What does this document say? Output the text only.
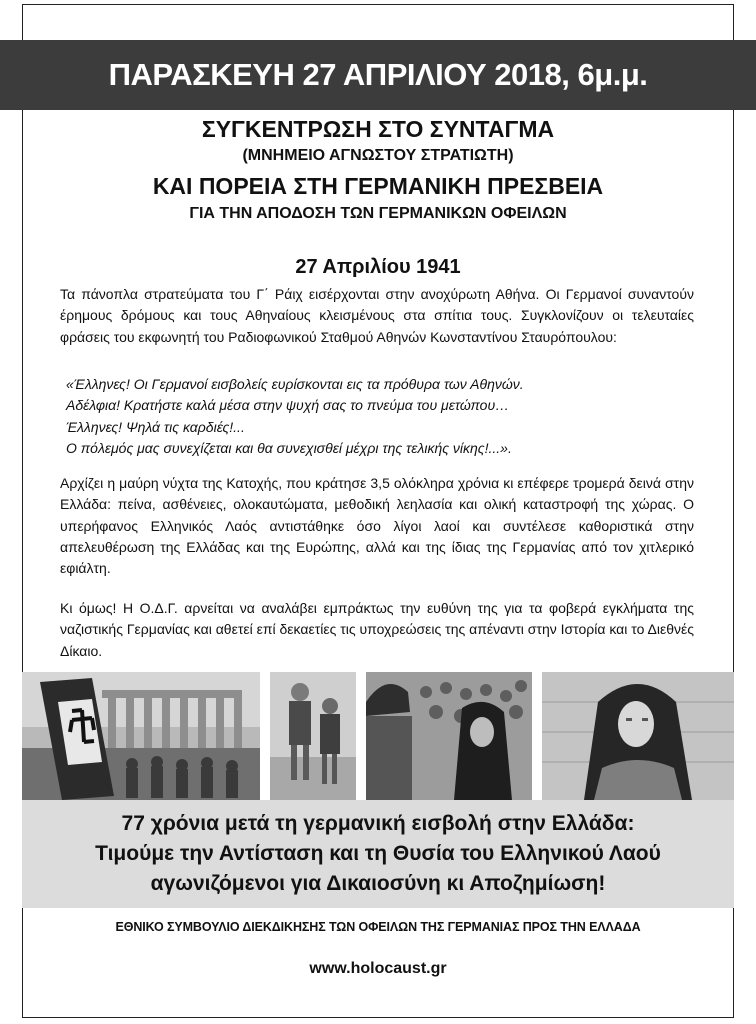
ΠΑΡΑΣΚΕΥΗ 27 ΑΠΡΙΛΙΟΥ 2018, 6μ.μ.
ΣΥΓΚΕΝΤΡΩΣΗ ΣΤΟ ΣΥΝΤΑΓΜΑ
(ΜΝΗΜΕΙΟ ΑΓΝΩΣΤΟΥ ΣΤΡΑΤΙΩΤΗ)
ΚΑΙ ΠΟΡΕΙΑ ΣΤΗ ΓΕΡΜΑΝΙΚΗ ΠΡΕΣΒΕΙΑ
ΓΙΑ ΤΗΝ ΑΠΟΔΟΣΗ ΤΩΝ ΓΕΡΜΑΝΙΚΩΝ ΟΦΕΙΛΩΝ
27 Απριλίου 1941
Τα πάνοπλα στρατεύματα του Γ΄ Ράιχ εισέρχονται στην ανοχύρωτη Αθήνα. Οι Γερμανοί συναντούν έρημους δρόμους και τους Αθηναίους κλεισμένους στα σπίτια τους. Συγκλονίζουν οι τελευταίες φράσεις του εκφωνητή του Ραδιοφωνικού Σταθμού Αθηνών Κωνσταντίνου Σταυρόπουλου:
«Έλληνες! Οι Γερμανοί εισβολείς ευρίσκονται εις τα πρόθυρα των Αθηνών.
Αδέλφια! Κρατήστε καλά μέσα στην ψυχή σας το πνεύμα του μετώπου…
Έλληνες! Ψηλά τις καρδιές!...
Ο πόλεμός μας συνεχίζεται και θα συνεχισθεί μέχρι της τελικής νίκης!...».
Αρχίζει η μαύρη νύχτα της Κατοχής, που κράτησε 3,5 ολόκληρα χρόνια κι επέφερε τρομερά δεινά στην Ελλάδα: πείνα, ασθένειες, ολοκαυτώματα, μεθοδική λεηλασία και ολική καταστροφή της χώρας. Ο υπερήφανος Ελληνικός Λαός αντιστάθηκε όσο λίγοι λαοί και συντέλεσε καθοριστικά στην απελευθέρωση της Ελλάδας και της Ευρώπης, αλλά και της ίδιας της Γερμανίας από τον χιτλερικό εφιάλτη.
Κι όμως! Η Ο.Δ.Γ. αρνείται να αναλάβει εμπράκτως την ευθύνη της για τα φοβερά εγκλήματα της ναζιστικής Γερμανίας και αθετεί επί δεκαετίες τις υποχρεώσεις της απέναντι στην Ιστορία και το Διεθνές Δίκαιο.
77 χρόνια μετά τη γερμανική εισβολή στην Ελλάδα:
Τιμούμε την Αντίσταση και τη Θυσία του Ελληνικού Λαού
αγωνιζόμενοι για Δικαιοσύνη κι Αποζημίωση!
ΕΘΝΙΚΟ ΣΥΜΒΟΥΛΙΟ ΔΙΕΚΔΙΚΗΣΗΣ ΤΩΝ ΟΦΕΙΛΩΝ ΤΗΣ ΓΕΡΜΑΝΙΑΣ ΠΡΟΣ ΤΗΝ ΕΛΛΑΔΑ
www.holocaust.gr
